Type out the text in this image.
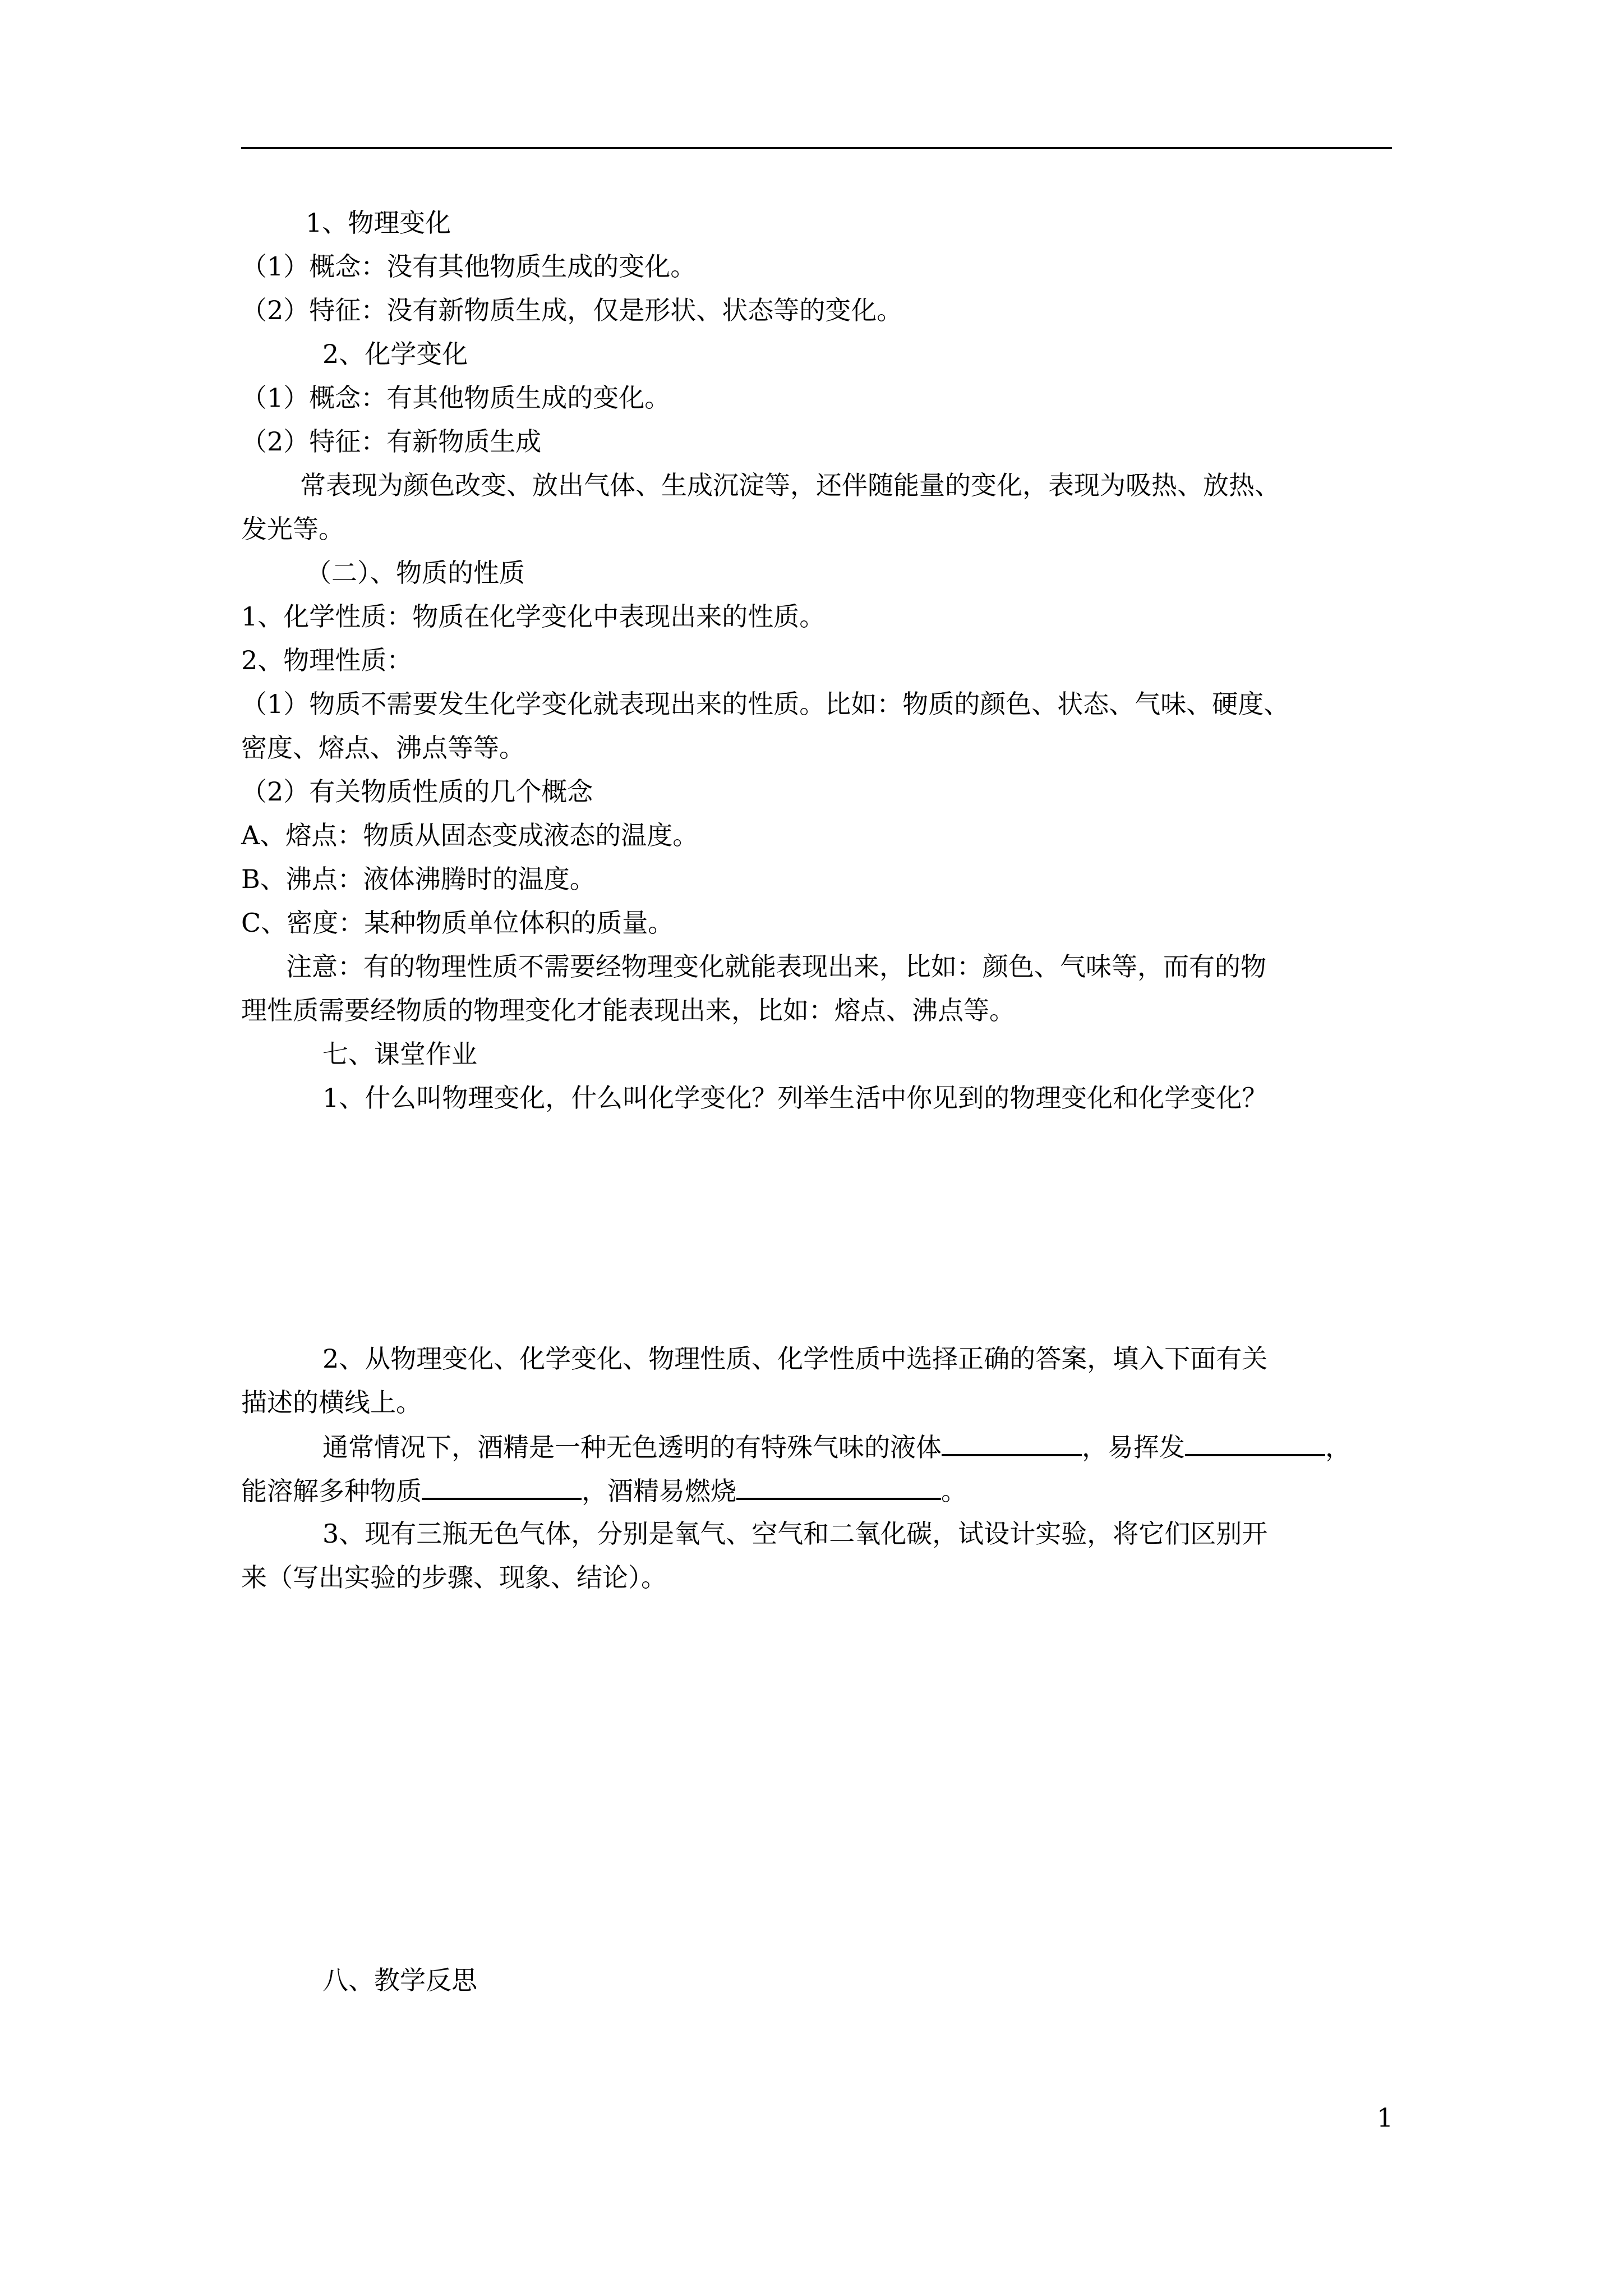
1、物理变化
（1）概念：没有其他物质生成的变化。
（2）特征：没有新物质生成，仅是形状、状态等的变化。
2、化学变化
（1）概念：有其他物质生成的变化。
（2）特征：有新物质生成
常表现为颜色改变、放出气体、生成沉淀等，还伴随能量的变化，表现为吸热、放热、
发光等。
（二）、物质的性质
1、化学性质：物质在化学变化中表现出来的性质。
2、物理性质：
（1）物质不需要发生化学变化就表现出来的性质。比如：物质的颜色、状态、气味、硬度、
密度、熔点、沸点等等。
（2）有关物质性质的几个概念
A、熔点：物质从固态变成液态的温度。
B、沸点：液体沸腾时的温度。
C、密度：某种物质单位体积的质量。
注意：有的物理性质不需要经物理变化就能表现出来，比如：颜色、气味等，而有的物
理性质需要经物质的物理变化才能表现出来，比如：熔点、沸点等。
七、课堂作业
1、什么叫物理变化，什么叫化学变化？列举生活中你见到的物理变化和化学变化？
2、从物理变化、化学变化、物理性质、化学性质中选择正确的答案，填入下面有关
描述的横线上。
通常情况下，酒精是一种无色透明的有特殊气味的液体	，易挥发	，
能溶解多种物质	，酒精易燃烧	。
3、现有三瓶无色气体，分别是氧气、空气和二氧化碳，试设计实验，将它们区别开
来（写出实验的步骤、现象、结论）。
八、教学反思
1
